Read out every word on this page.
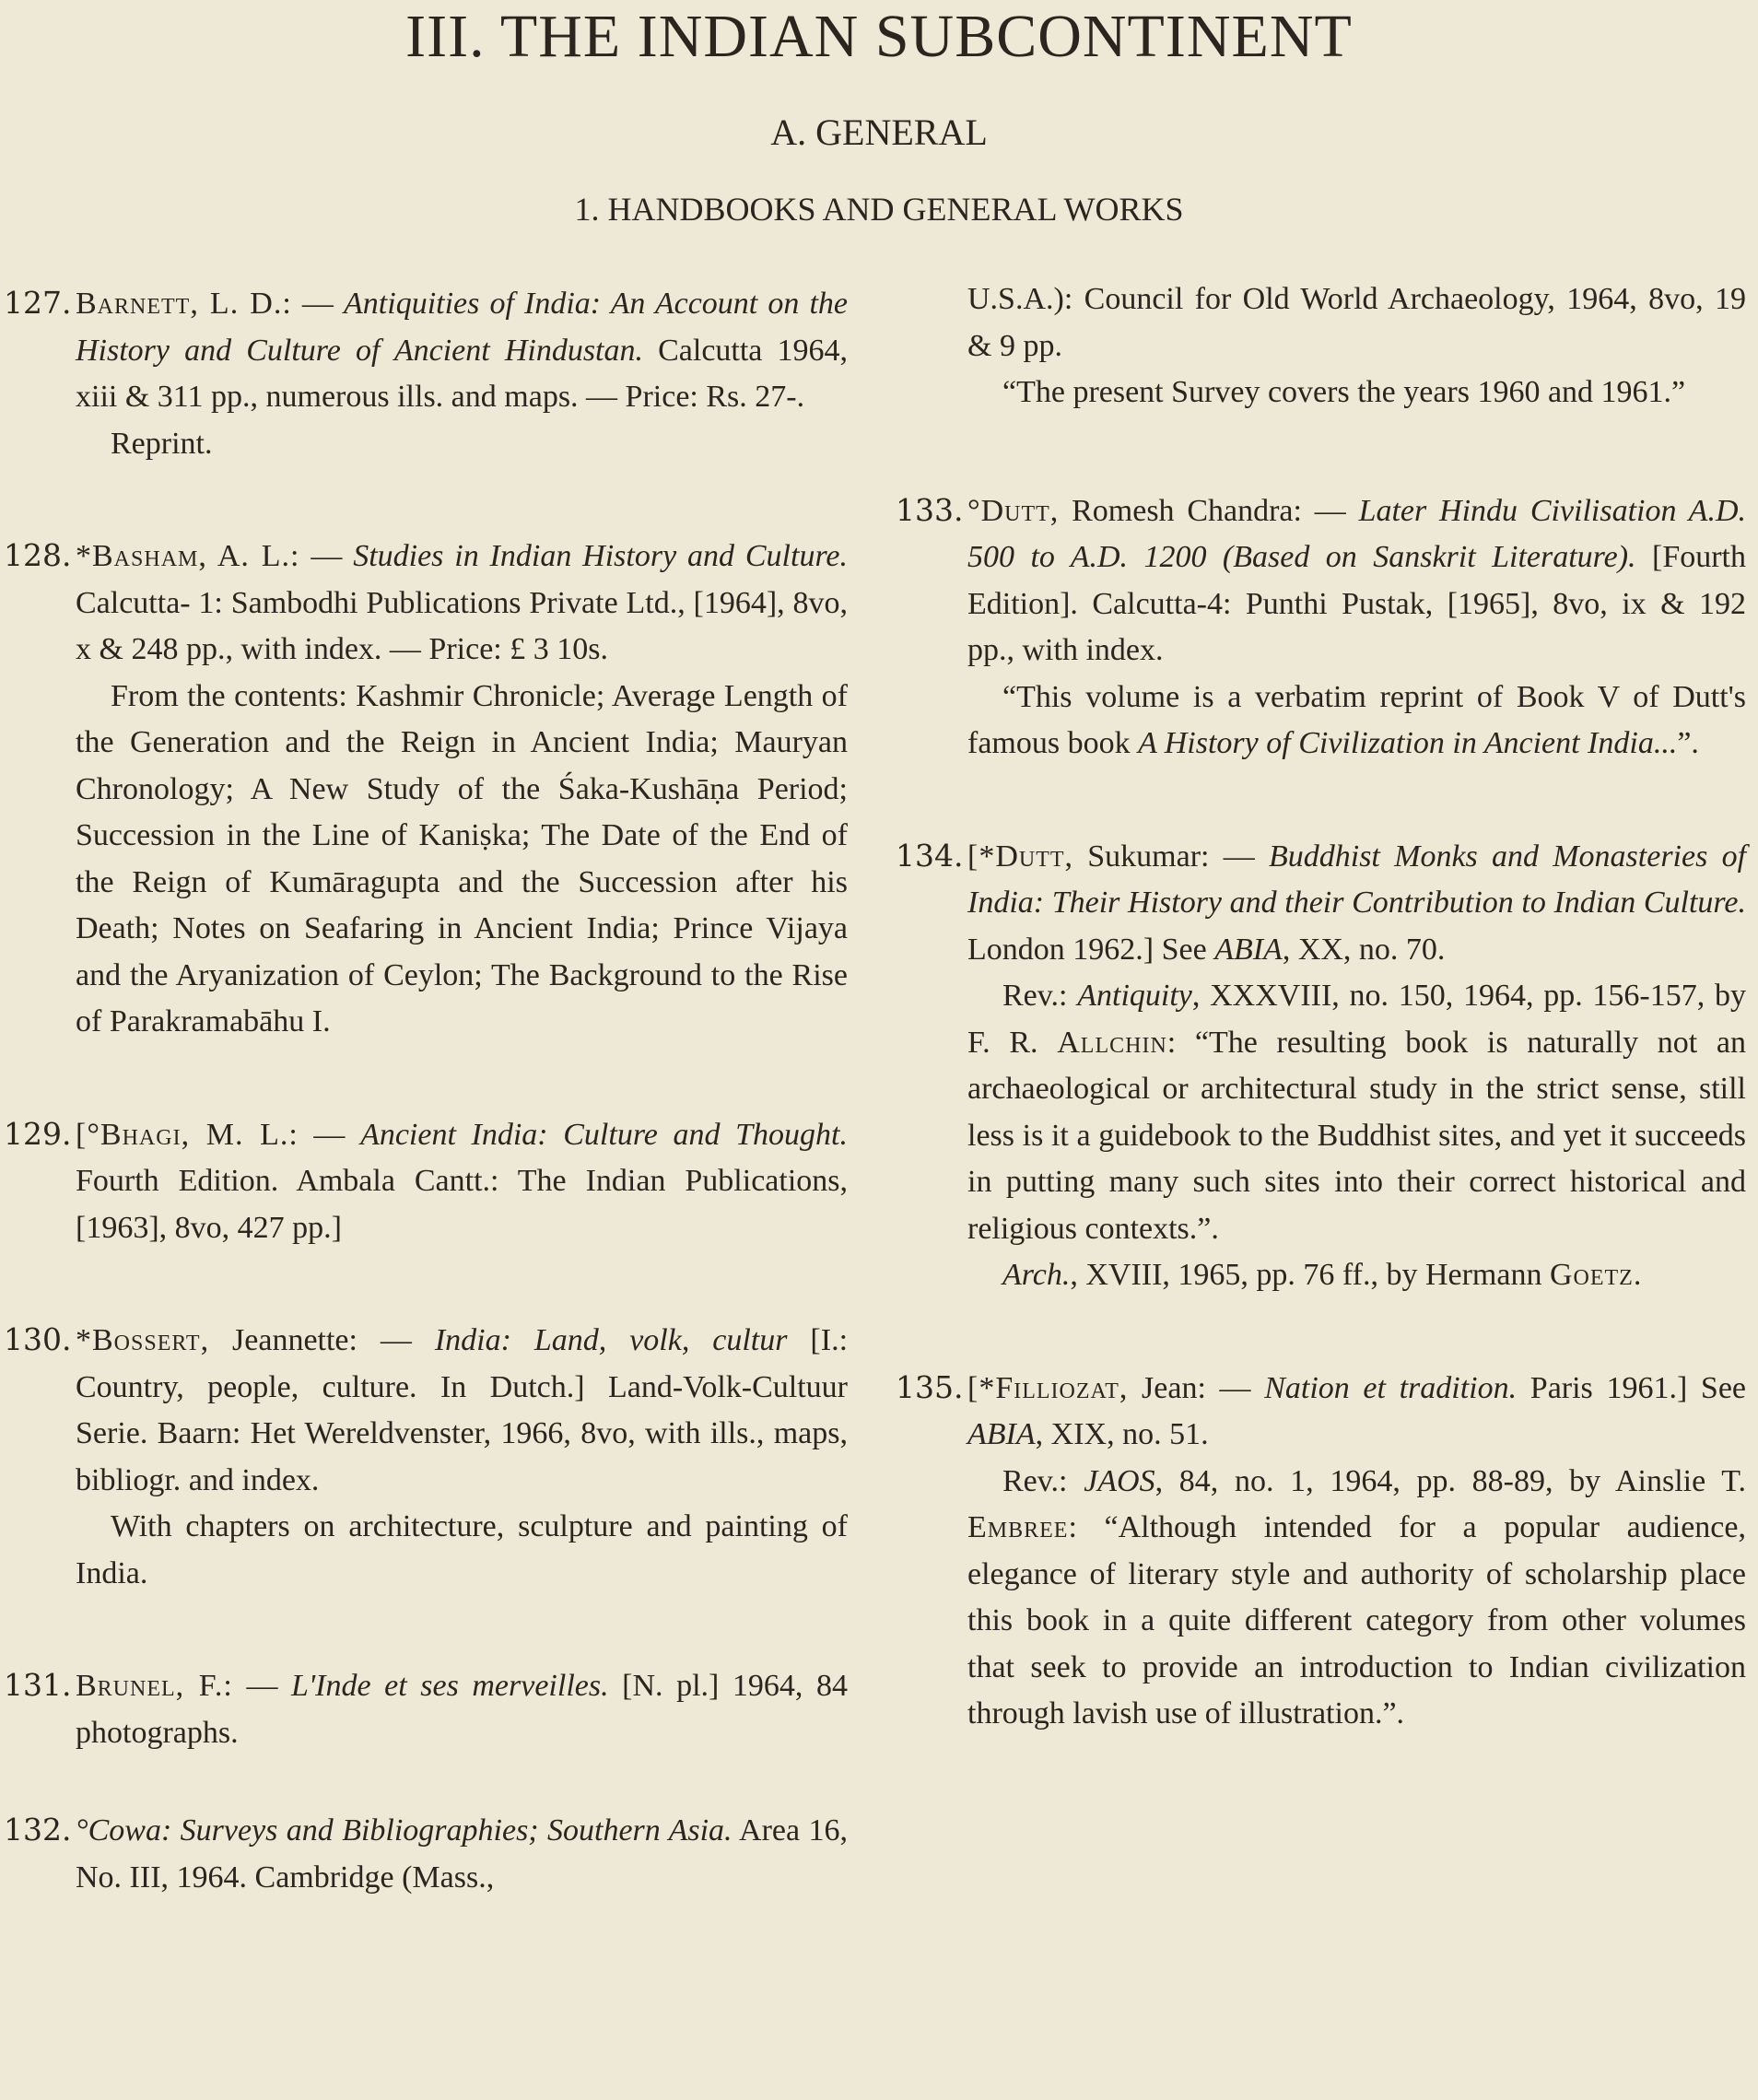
III. THE INDIAN SUBCONTINENT
A. GENERAL
1. HANDBOOKS AND GENERAL WORKS
127. Barnett, L. D.: — Antiquities of India: An Account on the History and Culture of Ancient Hindustan. Calcutta 1964, xiii & 311 pp., numerous ills. and maps. — Price: Rs. 27-.

Reprint.

128. *Basham, A. L.: — Studies in Indian History and Culture. Calcutta- 1: Sambodhi Publications Private Ltd., [1964], 8vo, x & 248 pp., with index. — Price: £ 3 10s.

From the contents: Kashmir Chronicle; Average Length of the Generation and the Reign in Ancient India; Mauryan Chronology; A New Study of the Śaka-Kushāṇa Period; Succession in the Line of Kaniṣka; The Date of the End of the Reign of Kumāragupta and the Succession after his Death; Notes on Seafaring in Ancient India; Prince Vijaya and the Aryanization of Ceylon; The Background to the Rise of Parakramabāhu I.

129. [°Bhagi, M. L.: — Ancient India: Culture and Thought. Fourth Edition. Ambala Cantt.: The Indian Publications, [1963], 8vo, 427 pp.]

130. *Bossert, Jeannette: — India: Land, volk, cultur [I.: Country, people, culture. In Dutch.] Land-Volk-Cultuur Serie. Baarn: Het Wereldvenster, 1966, 8vo, with ills., maps, bibliogr. and index.

With chapters on architecture, sculpture and painting of India.

131. Brunel, F.: — L'Inde et ses merveilles. [N. pl.] 1964, 84 photographs.

132. °Cowa: Surveys and Bibliographies; Southern Asia. Area 16, No. III, 1964. Cambridge (Mass.,

U.S.A.): Council for Old World Archaeology, 1964, 8vo, 19 & 9 pp.

“The present Survey covers the years 1960 and 1961.”

133. °Dutt, Romesh Chandra: — Later Hindu Civilisation A.D. 500 to A.D. 1200 (Based on Sanskrit Literature). [Fourth Edition]. Calcutta-4: Punthi Pustak, [1965], 8vo, ix & 192 pp., with index.

“This volume is a verbatim reprint of Book V of Dutt's famous book A History of Civilization in Ancient India...”.

134. [*Dutt, Sukumar: — Buddhist Monks and Monasteries of India: Their History and their Contribution to Indian Culture. London 1962.] See ABIA, XX, no. 70.

Rev.: Antiquity, XXXVIII, no. 150, 1964, pp. 156-157, by F. R. Allchin: “The resulting book is naturally not an archaeological or architectural study in the strict sense, still less is it a guidebook to the Buddhist sites, and yet it succeeds in putting many such sites into their correct historical and religious contexts.”.

Arch., XVIII, 1965, pp. 76 ff., by Hermann Goetz.

135. [*Filliozat, Jean: — Nation et tradition. Paris 1961.] See ABIA, XIX, no. 51.

Rev.: JAOS, 84, no. 1, 1964, pp. 88-89, by Ainslie T. Embree: “Although intended for a popular audience, elegance of literary style and authority of scholarship place this book in a quite different category from other volumes that seek to provide an introduction to Indian civilization through lavish use of illustration.”.
